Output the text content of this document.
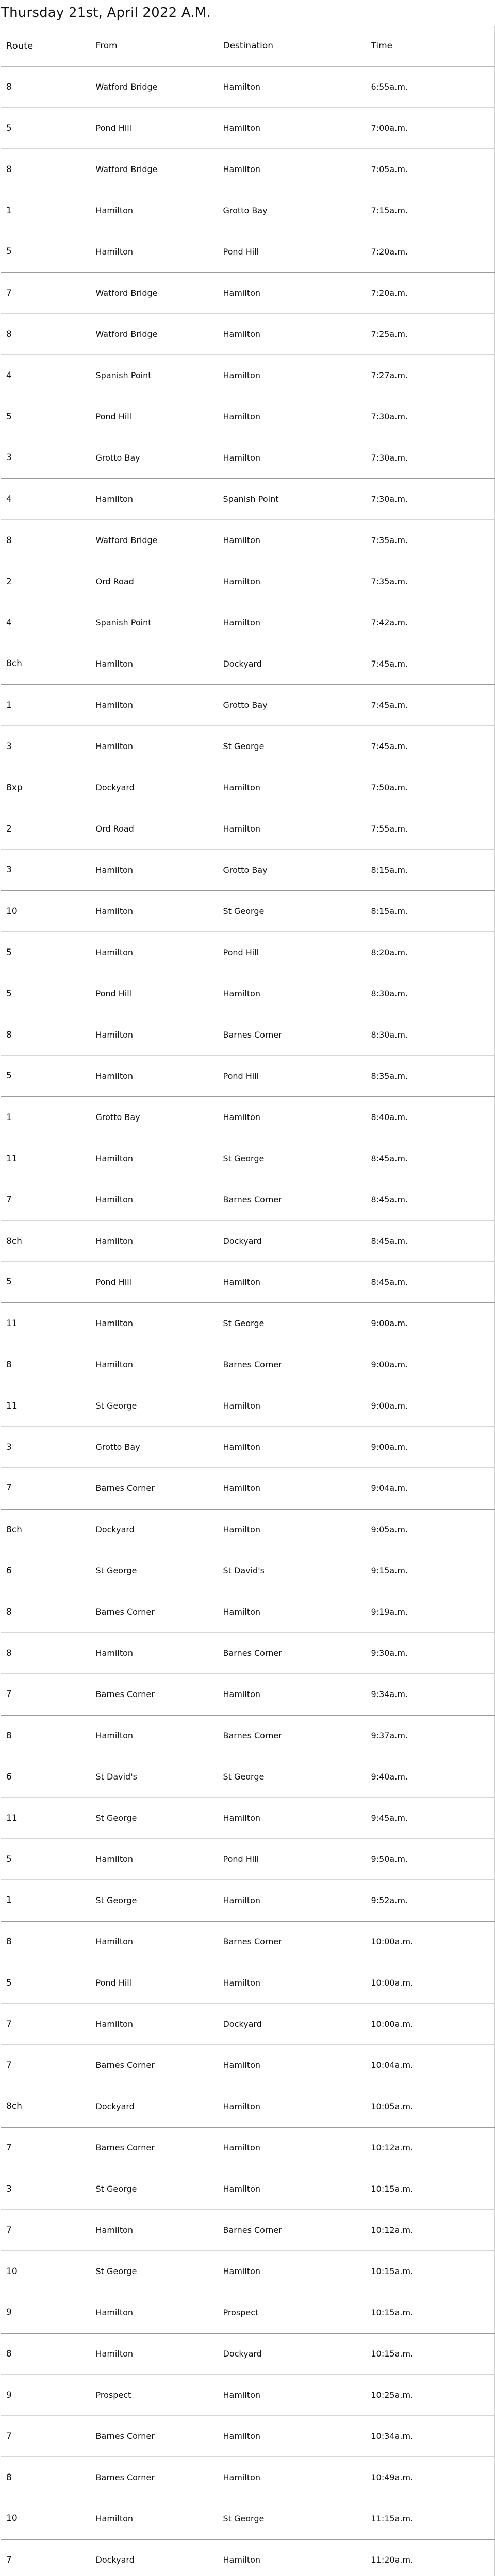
Thursday 21st, April 2022 A.M.
Route	From	Destination	Time
8	Watford Bridge	Hamilton	6:55a.m.
5	Pond Hill	Hamilton	7:00a.m.
8	Watford Bridge	Hamilton	7:05a.m.
1	Hamilton	Grotto Bay	7:15a.m.
5	Hamilton	Pond Hill	7:20a.m.
7	Watford Bridge	Hamilton	7:20a.m.
8	Watford Bridge	Hamilton	7:25a.m.
4	Spanish Point	Hamilton	7:27a.m.
5	Pond Hill	Hamilton	7:30a.m.
3	Grotto Bay	Hamilton	7:30a.m.
4	Hamilton	Spanish Point	7:30a.m.
8	Watford Bridge	Hamilton	7:35a.m.
2	Ord Road	Hamilton	7:35a.m.
4	Spanish Point	Hamilton	7:42a.m.
8ch	Hamilton	Dockyard	7:45a.m.
1	Hamilton	Grotto Bay	7:45a.m.
3	Hamilton	St George	7:45a.m.
8xp	Dockyard	Hamilton	7:50a.m.
2	Ord Road	Hamilton	7:55a.m.
3	Hamilton	Grotto Bay	8:15a.m.
10	Hamilton	St George	8:15a.m.
5	Hamilton	Pond Hill	8:20a.m.
5	Pond Hill	Hamilton	8:30a.m.
8	Hamilton	Barnes Corner	8:30a.m.
5	Hamilton	Pond Hill	8:35a.m.
1	Grotto Bay	Hamilton	8:40a.m.
11	Hamilton	St George	8:45a.m.
7	Hamilton	Barnes Corner	8:45a.m.
8ch	Hamilton	Dockyard	8:45a.m.
5	Pond Hill	Hamilton	8:45a.m.
11	Hamilton	St George	9:00a.m.
8	Hamilton	Barnes Corner	9:00a.m.
11	St George	Hamilton	9:00a.m.
3	Grotto Bay	Hamilton	9:00a.m.
7	Barnes Corner	Hamilton	9:04a.m.
8ch	Dockyard	Hamilton	9:05a.m.
6	St George	St David's	9:15a.m.
8	Barnes Corner	Hamilton	9:19a.m.
8	Hamilton	Barnes Corner	9:30a.m.
7	Barnes Corner	Hamilton	9:34a.m.
8	Hamilton	Barnes Corner	9:37a.m.
6	St David's	St George	9:40a.m.
11	St George	Hamilton	9:45a.m.
5	Hamilton	Pond Hill	9:50a.m.
1	St George	Hamilton	9:52a.m.
8	Hamilton	Barnes Corner	10:00a.m.
5	Pond Hill	Hamilton	10:00a.m.
7	Hamilton	Dockyard	10:00a.m.
7	Barnes Corner	Hamilton	10:04a.m.
8ch	Dockyard	Hamilton	10:05a.m.
7	Barnes Corner	Hamilton	10:12a.m.
3	St George	Hamilton	10:15a.m.
7	Hamilton	Barnes Corner	10:12a.m.
10	St George	Hamilton	10:15a.m.
9	Hamilton	Prospect	10:15a.m.
8	Hamilton	Dockyard	10:15a.m.
9	Prospect	Hamilton	10:25a.m.
7	Barnes Corner	Hamilton	10:34a.m.
8	Barnes Corner	Hamilton	10:49a.m.
10	Hamilton	St George	11:15a.m.
7	Dockyard	Hamilton	11:20a.m.
